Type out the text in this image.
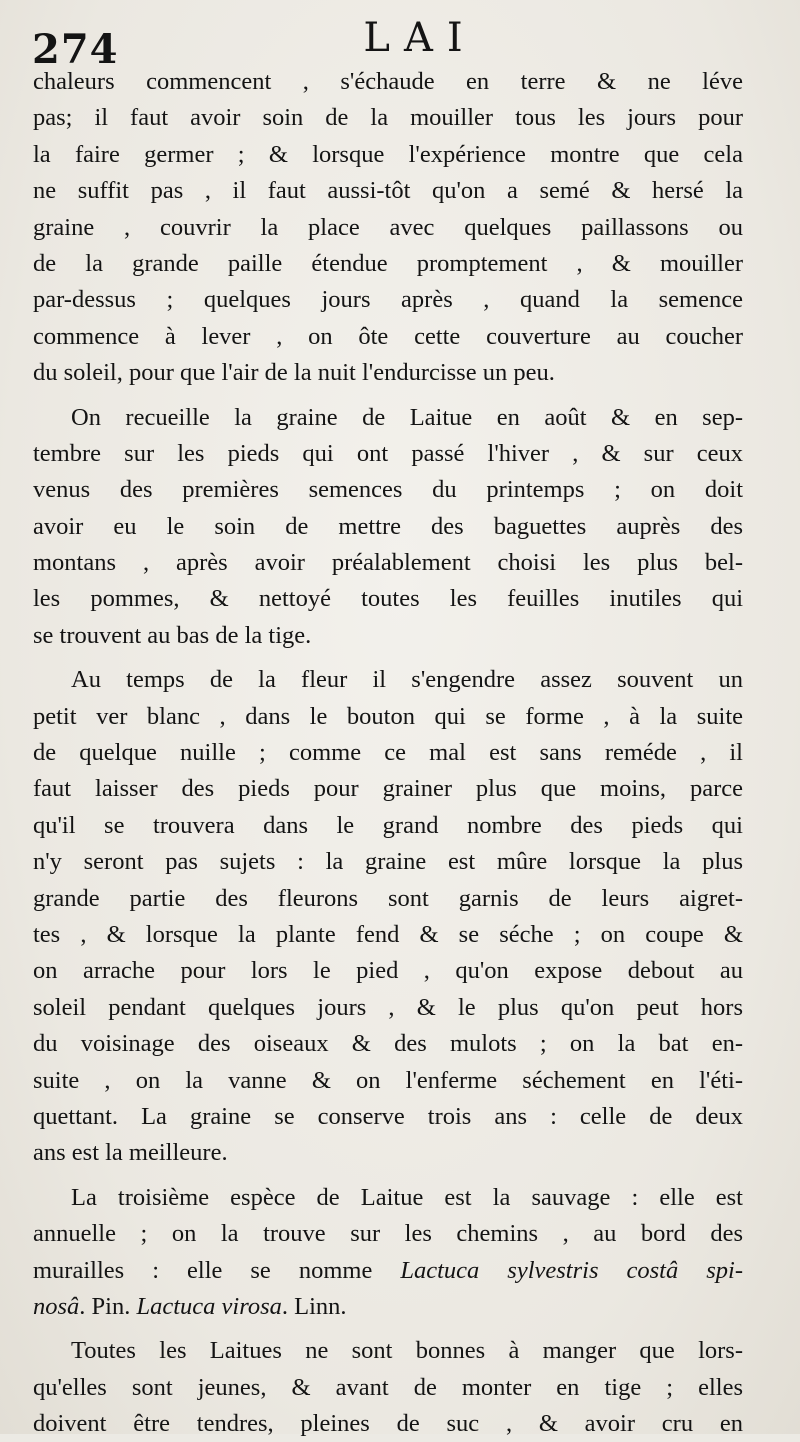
274	LAI
chaleurs commencent , s'échaude en terre & ne léve
pas; il faut avoir soin de la mouiller tous les jours pour
la faire germer ; & lorsque l'expérience montre que cela
ne suffit pas , il faut aussi-tôt qu'on a semé & hersé la
graine , couvrir la place avec quelques paillassons ou
de la grande paille étendue promptement , & mouiller
par-dessus ; quelques jours après , quand la semence
commence à lever , on ôte cette couverture au coucher
du soleil, pour que l'air de la nuit l'endurcisse un peu.
On recueille la graine de Laitue en août & en sep-
tembre sur les pieds qui ont passé l'hiver , & sur ceux
venus des premières semences du printemps ; on doit
avoir eu le soin de mettre des baguettes auprès des
montans , après avoir préalablement choisi les plus bel-
les pommes, & nettoyé toutes les feuilles inutiles qui
se trouvent au bas de la tige.
Au temps de la fleur il s'engendre assez souvent un
petit ver blanc , dans le bouton qui se forme , à la suite
de quelque nuille ; comme ce mal est sans reméde , il
faut laisser des pieds pour grainer plus que moins, parce
qu'il se trouvera dans le grand nombre des pieds qui
n'y seront pas sujets : la graine est mûre lorsque la plus
grande partie des fleurons sont garnis de leurs aigret-
tes , & lorsque la plante fend & se séche ; on coupe &
on arrache pour lors le pied , qu'on expose debout au
soleil pendant quelques jours , & le plus qu'on peut hors
du voisinage des oiseaux & des mulots ; on la bat en-
suite , on la vanne & on l'enferme séchement en l'éti-
quettant. La graine se conserve trois ans : celle de deux
ans est la meilleure.
La troisième espèce de Laitue est la sauvage : elle est
annuelle ; on la trouve sur les chemins , au bord des
murailles : elle se nomme Lactuca sylvestris costâ spi-
nosâ. Pin. Lactuca virosa. Linn.
Toutes les Laitues ne sont bonnes à manger que lors-
qu'elles sont jeunes, & avant de monter en tige ; elles
doivent être tendres, pleines de suc , & avoir cru en
